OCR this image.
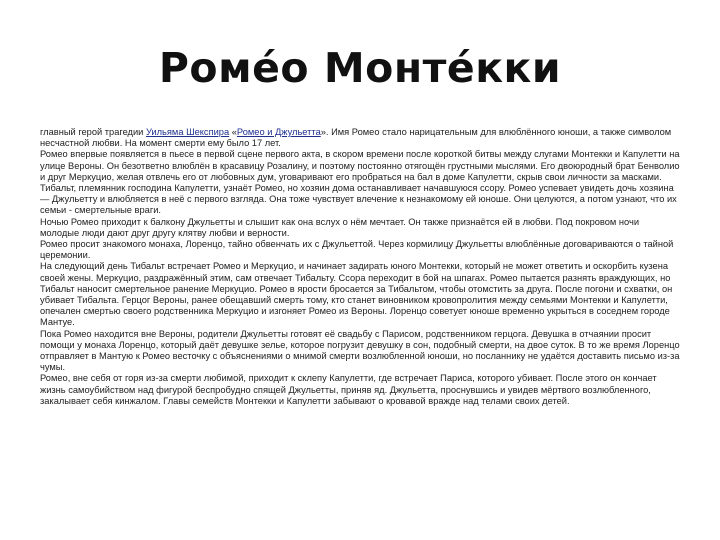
Роме́о Монте́кки

главный герой трагедии Уильяма Шекспира «Ромео и Джульетта». Имя Ромео стало нарицательным для влюблённого юноши, а также символом несчастной любви. На момент смерти ему было 17 лет.

Ромео впервые появляется в пьесе в первой сцене первого акта, в скором времени после короткой битвы между слугами Монтекки и Капулетти на улице Вероны. Он безответно влюблён в красавицу Розалину, и поэтому постоянно отягощён грустными мыслями. Его двоюродный брат Бенволио и друг Меркуцио, желая отвлечь его от любовных дум, уговаривают его пробраться на бал в доме Капулетти, скрыв свои личности за масками. Тибальт, племянник господина Капулетти, узнаёт Ромео, но хозяин дома останавливает начавшуюся ссору. Ромео успевает увидеть дочь хозяина — Джульетту и влюбляется в неё с первого взгляда. Она тоже чувствует влечение к незнакомому ей юноше. Они целуются, а потом узнают, что их семьи - смертельные враги.

Ночью Ромео приходит к балкону Джульетты и слышит как она вслух о нём мечтает. Он также признаётся ей в любви. Под покровом ночи молодые люди дают друг другу клятву любви и верности.

Ромео просит знакомого монаха, Лоренцо, тайно обвенчать их с Джульеттой. Через кормилицу Джульетты влюблённые договариваются о тайной церемонии.

На следующий день Тибальт встречает Ромео и Меркуцио, и начинает задирать юного Монтекки, который не может ответить и оскорбить кузена своей жены. Меркуцио, раздражённый этим, сам отвечает Тибальту. Ссора переходит в бой на шпагах. Ромео пытается разнять враждующих, но Тибальт наносит смертельное ранение Меркуцио. Ромео в ярости бросается за Тибальтом, чтобы отомстить за друга. После погони и схватки, он убивает Тибальта. Герцог Вероны, ранее обещавший смерть тому, кто станет виновником кровопролития между семьями Монтекки и Капулетти, опечален смертью своего родственника Меркуцио и изгоняет Ромео из Вероны. Лоренцо советует юноше временно укрыться в соседнем городе Мантуе.

Пока Ромео находится вне Вероны, родители Джульетты готовят её свадьбу с Парисом, родственником герцога. Девушка в отчаянии просит помощи у монаха Лоренцо, который даёт девушке зелье, которое погрузит девушку в сон, подобный смерти, на двое суток. В то же время Лоренцо отправляет в Мантую к Ромео весточку с объяснениями о мнимой смерти возлюбленной юноши, но посланнику не удаётся доставить письмо из-за чумы.

Ромео, вне себя от горя из-за смерти любимой, приходит к склепу Капулетти, где встречает Париса, которого убивает. После этого он кончает жизнь самоубийством над фигурой беспробудно спящей Джульетты, приняв яд. Джульетта, проснувшись и увидев мёртвого возлюбленного, закалывает себя кинжалом. Главы семейств Монтекки и Капулетти забывают о кровавой вражде над телами своих детей.
